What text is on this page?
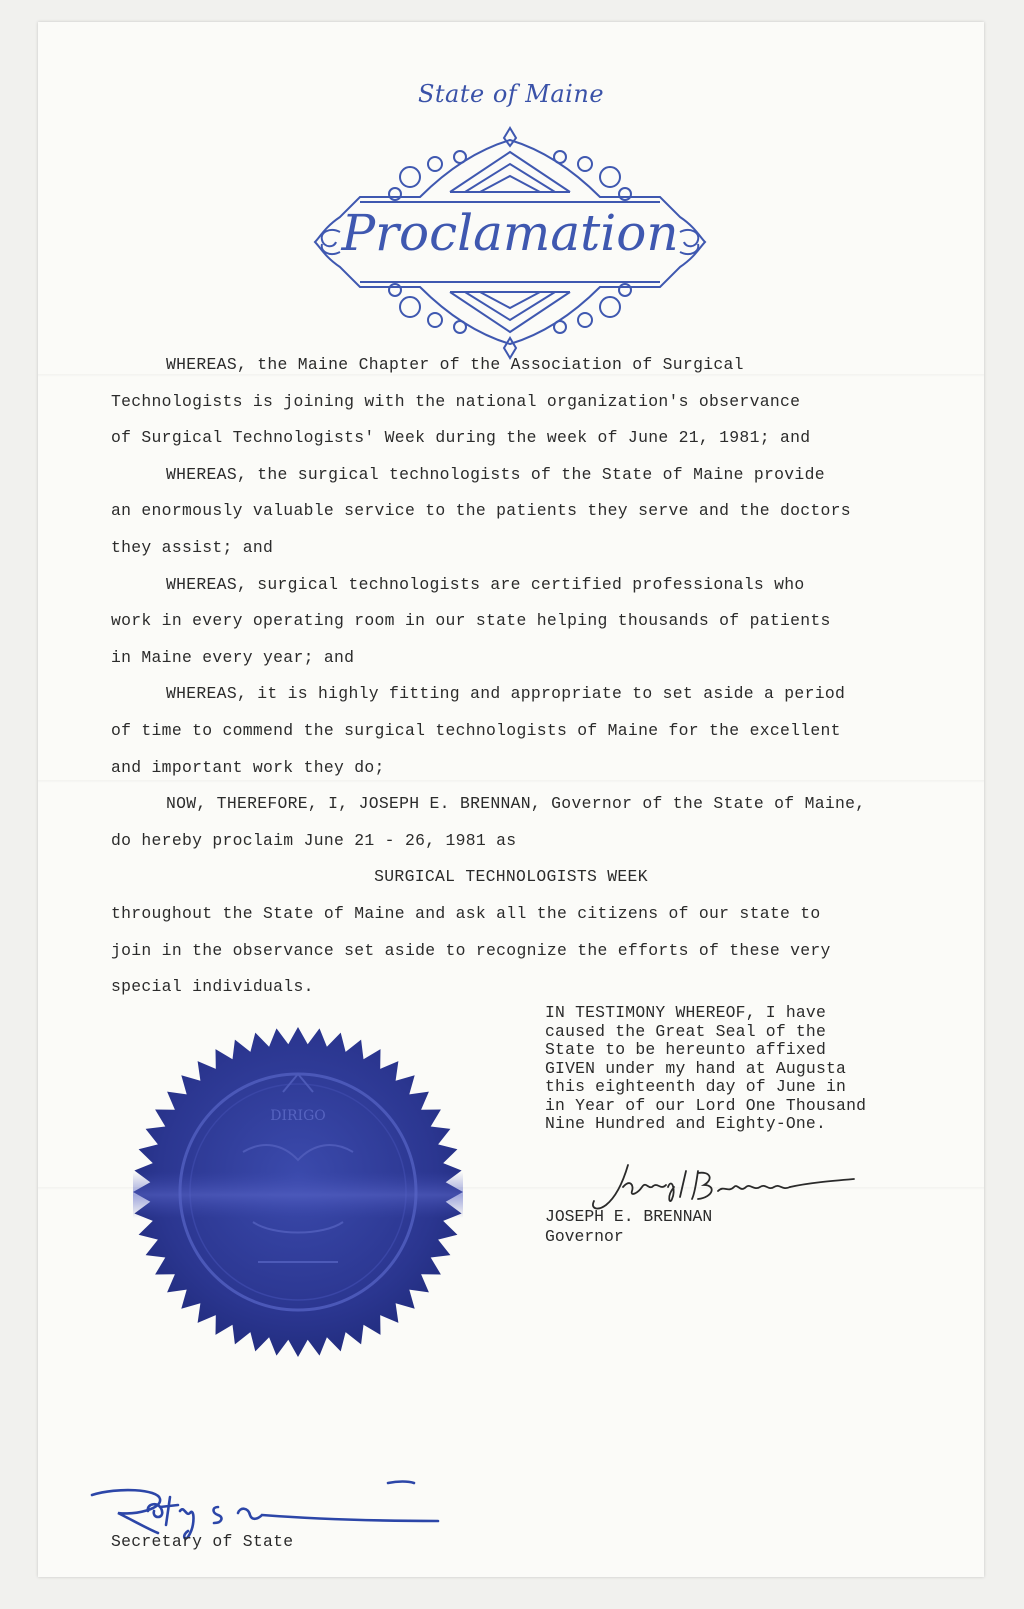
State of Maine
Proclamation

WHEREAS, the Maine Chapter of the Association of Surgical

Technologists is joining with the national organization's observance

of Surgical Technologists' Week during the week of June 21, 1981; and

WHEREAS, the surgical technologists of the State of Maine provide

an enormously valuable service to the patients they serve and the doctors

they assist; and

WHEREAS, surgical technologists are certified professionals who

work in every operating room in our state helping thousands of patients

in Maine every year; and

WHEREAS, it is highly fitting and appropriate to set aside a period

of time to commend the surgical technologists of Maine for the excellent

and important work they do;

NOW, THEREFORE, I, JOSEPH E. BRENNAN, Governor of the State of Maine,

do hereby proclaim June 21 - 26, 1981 as

SURGICAL TECHNOLOGISTS WEEK

throughout the State of Maine and ask all the citizens of our state to

join in the observance set aside to recognize the efforts of these very

special individuals.

IN TESTIMONY WHEREOF, I have

caused the Great Seal of the

State to be hereunto affixed

GIVEN under my hand at Augusta

this eighteenth day of June in

in Year of our Lord One Thousand

Nine Hundred and Eighty-One.

JOSEPH E. BRENNAN

Governor

DIRIGO
Secretary of State
